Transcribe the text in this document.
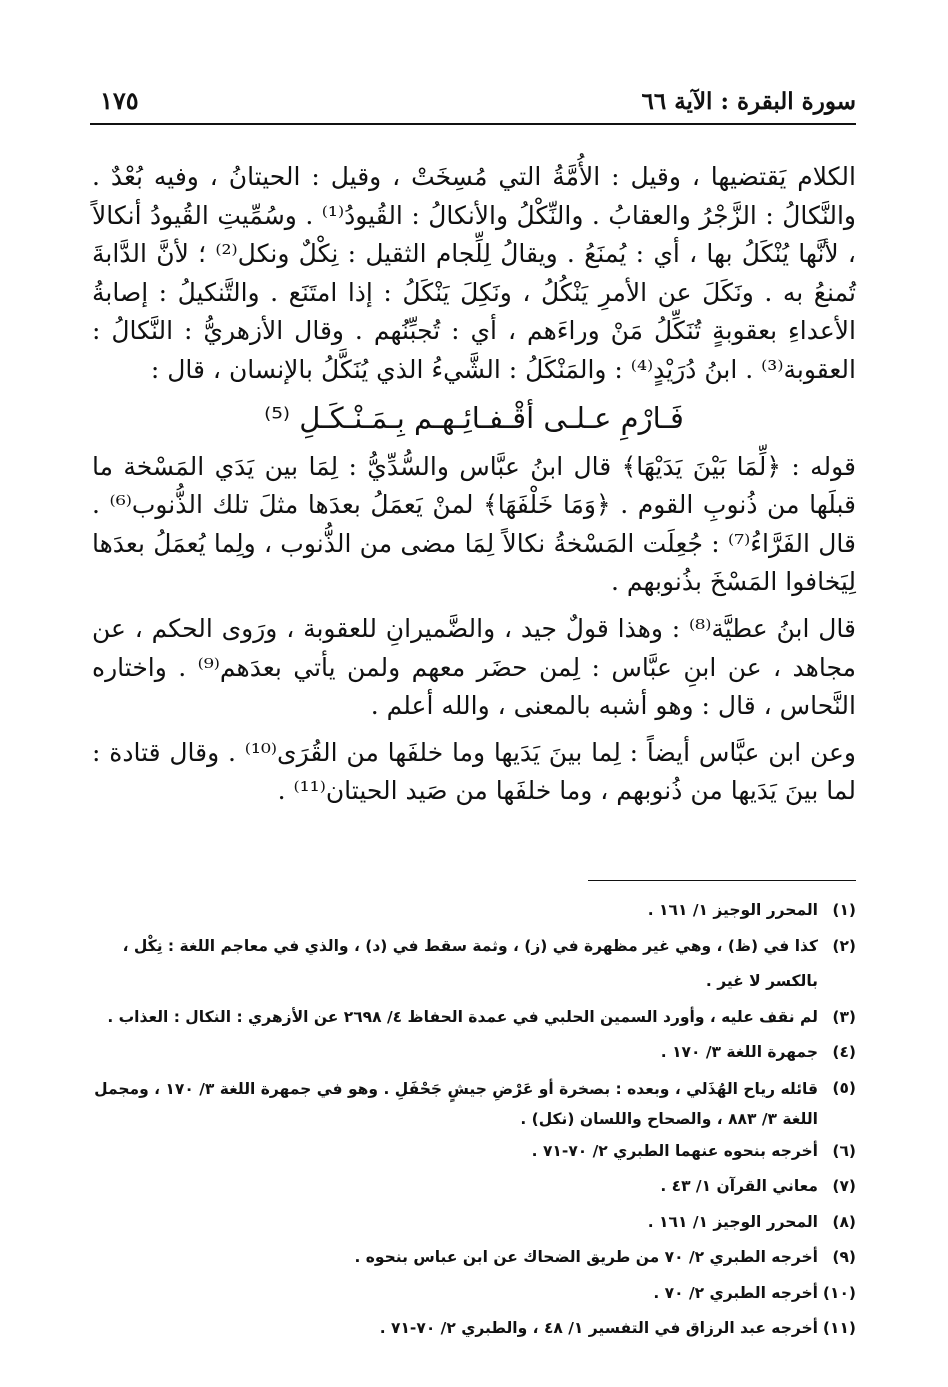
سورة البقرة : الآية ٦٦
١٧٥

الكلام يَقتضيها ، وقيل : الأُمَّةُ التي مُسِخَتْ ، وقيل : الحيتانُ ، وفيه بُعْدٌ . والنَّكالُ : الزَّجْرُ والعقابُ . والنِّكْلُ والأنكالُ : القُيودُ⁽¹⁾ . وسُمِّيتِ القُيودُ أنكالاً ، لأنَّها يُنْكَلُ بها ، أي : يُمنَعُ . ويقالُ لِلِّجام الثقيل : نِكْلٌ ونكل⁽²⁾ ؛ لأنَّ الدَّابةَ تُمنعُ به . ونَكَلَ عن الأمرِ يَنْكُلُ ، ونَكِلَ يَنْكَلُ : إذا امتَنَع . والتَّنكيلُ : إصابةُ الأعداءِ بعقوبةٍ تُنَكِّلُ مَنْ وراءَهم ، أي : تُجبِّنُهم . وقال الأزهريُّ : النَّكالُ : العقوبة⁽³⁾ . ابنُ دُرَيْدٍ⁽⁴⁾ : والمَنْكَلُ : الشَّيءُ الذي يُنَكَّلُ بالإنسان ، قال :

فَـارْمِ عـلـى أقْـفـائِـهـم بِـمَـنْـكَـلِ ⁽⁵⁾

قوله : ﴿لِّمَا بَيْنَ يَدَيْهَا﴾ قال ابنُ عبَّاس والسُّدِّيُّ : لِمَا بين يَدَي المَسْخة ما قبلَها من ذُنوبِ القوم . ﴿وَمَا خَلْفَهَا﴾ لمنْ يَعمَلُ بعدَها مثلَ تلك الذُّنوب⁽⁶⁾ . قال الفَرَّاءُ⁽⁷⁾ : جُعِلَت المَسْخةُ نكالاً لِمَا مضى من الذُّنوب ، ولِما يُعمَلُ بعدَها لِيَخافوا المَسْخَ بذُنوبهم .

قال ابنُ عطيَّة⁽⁸⁾ : وهذا قولٌ جيد ، والضَّميرانِ للعقوبة ، ورَوى الحكم ، عن مجاهد ، عن ابنِ عبَّاس : لِمن حضَر معهم ولمن يأتي بعدَهم⁽⁹⁾ . واختاره النَّحاس ، قال : وهو أشبه بالمعنى ، والله أعلم .

وعن ابن عبَّاس أيضاً : لِما بينَ يَدَيها وما خلفَها من القُرَى⁽¹⁰⁾ . وقال قتادة : لما بينَ يَدَيها من ذُنوبهم ، وما خلفَها من صَيد الحيتان⁽¹¹⁾ .

(١)
المحرر الوجيز ١/ ١٦١ .
(٢)
كذا في (ظ) ، وهي غير مظهرة في (ز) ، وثمة سقط في (د) ، والذي في معاجم اللغة : نِكْل ، بالكسر لا غير .
(٣)
لم نقف عليه ، وأورد السمين الحلبي في عمدة الحفاظ ٤/ ٢٦٩٨ عن الأزهري : النكال : العذاب .
(٤)
جمهرة اللغة ٣/ ١٧٠ .
(٥)
قائله رياح الهُذَلي ، وبعده : بصخرة أو عَرْضِ جيشٍ جَحْفَلِ . وهو في جمهرة اللغة ٣/ ١٧٠ ، ومجمل اللغة ٣/ ٨٨٣ ، والصحاح واللسان (نكل) .
(٦)
أخرجه بنحوه عنهما الطبري ٢/ ٧٠-٧١ .
(٧)
معاني القرآن ١/ ٤٣ .
(٨)
المحرر الوجيز ١/ ١٦١ .
(٩)
أخرجه الطبري ٢/ ٧٠ من طريق الضحاك عن ابن عباس بنحوه .
(١٠)
أخرجه الطبري ٢/ ٧٠ .
(١١)
أخرجه عبد الرزاق في التفسير ١/ ٤٨ ، والطبري ٢/ ٧٠-٧١ .
